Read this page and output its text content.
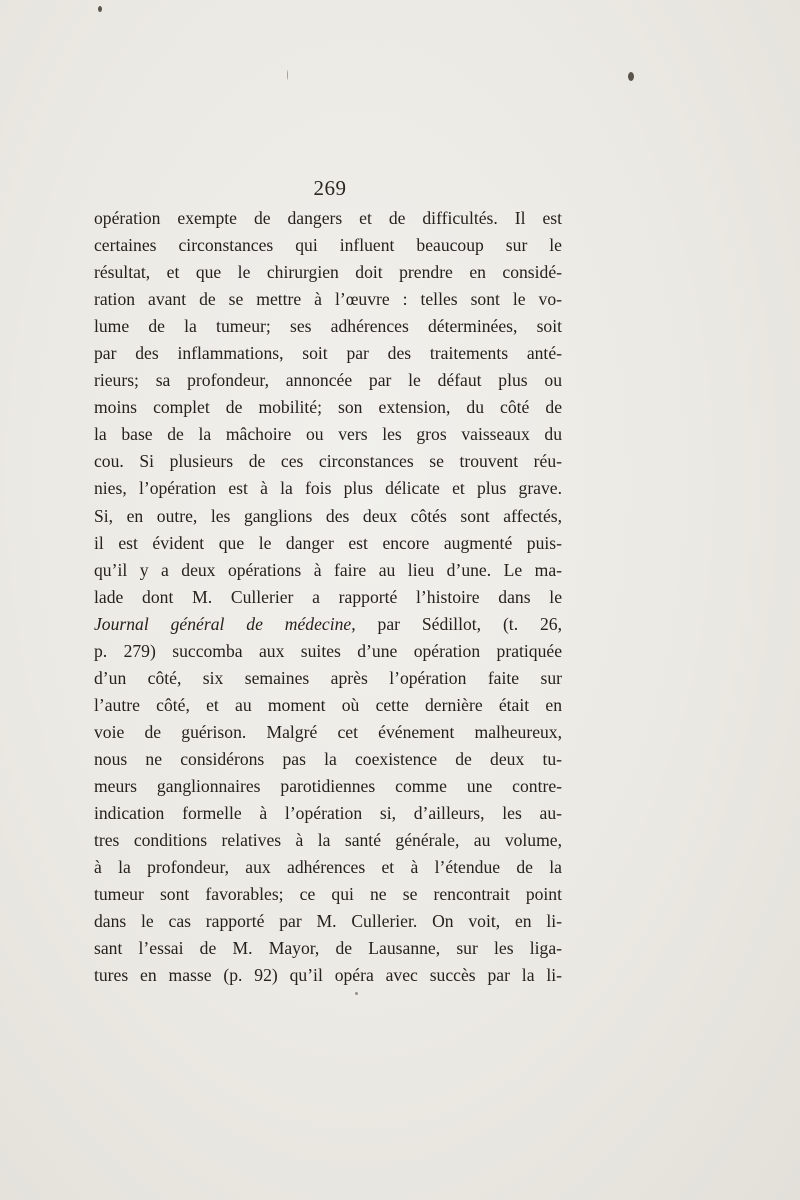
269
opération exempte de dangers et de difficultés. Il est
certaines circonstances qui influent beaucoup sur le
résultat, et que le chirurgien doit prendre en considé-
ration avant de se mettre à l’œuvre : telles sont le vo-
lume de la tumeur; ses adhérences déterminées, soit
par des inflammations, soit par des traitements anté-
rieurs; sa profondeur, annoncée par le défaut plus ou
moins complet de mobilité; son extension, du côté de
la base de la mâchoire ou vers les gros vaisseaux du
cou. Si plusieurs de ces circonstances se trouvent réu-
nies, l’opération est à la fois plus délicate et plus grave.
Si, en outre, les ganglions des deux côtés sont affectés,
il est évident que le danger est encore augmenté puis-
qu’il y a deux opérations à faire au lieu d’une. Le ma-
lade dont M. Cullerier a rapporté l’histoire dans le
Journal général de médecine, par Sédillot, (t. 26,
p. 279) succomba aux suites d’une opération pratiquée
d’un côté, six semaines après l’opération faite sur
l’autre côté, et au moment où cette dernière était en
voie de guérison. Malgré cet événement malheureux,
nous ne considérons pas la coexistence de deux tu-
meurs ganglionnaires parotidiennes comme une contre-
indication formelle à l’opération si, d’ailleurs, les au-
tres conditions relatives à la santé générale, au volume,
à la profondeur, aux adhérences et à l’étendue de la
tumeur sont favorables; ce qui ne se rencontrait point
dans le cas rapporté par M. Cullerier. On voit, en li-
sant l’essai de M. Mayor, de Lausanne, sur les liga-
tures en masse (p. 92) qu’il opéra avec succès par la li-
